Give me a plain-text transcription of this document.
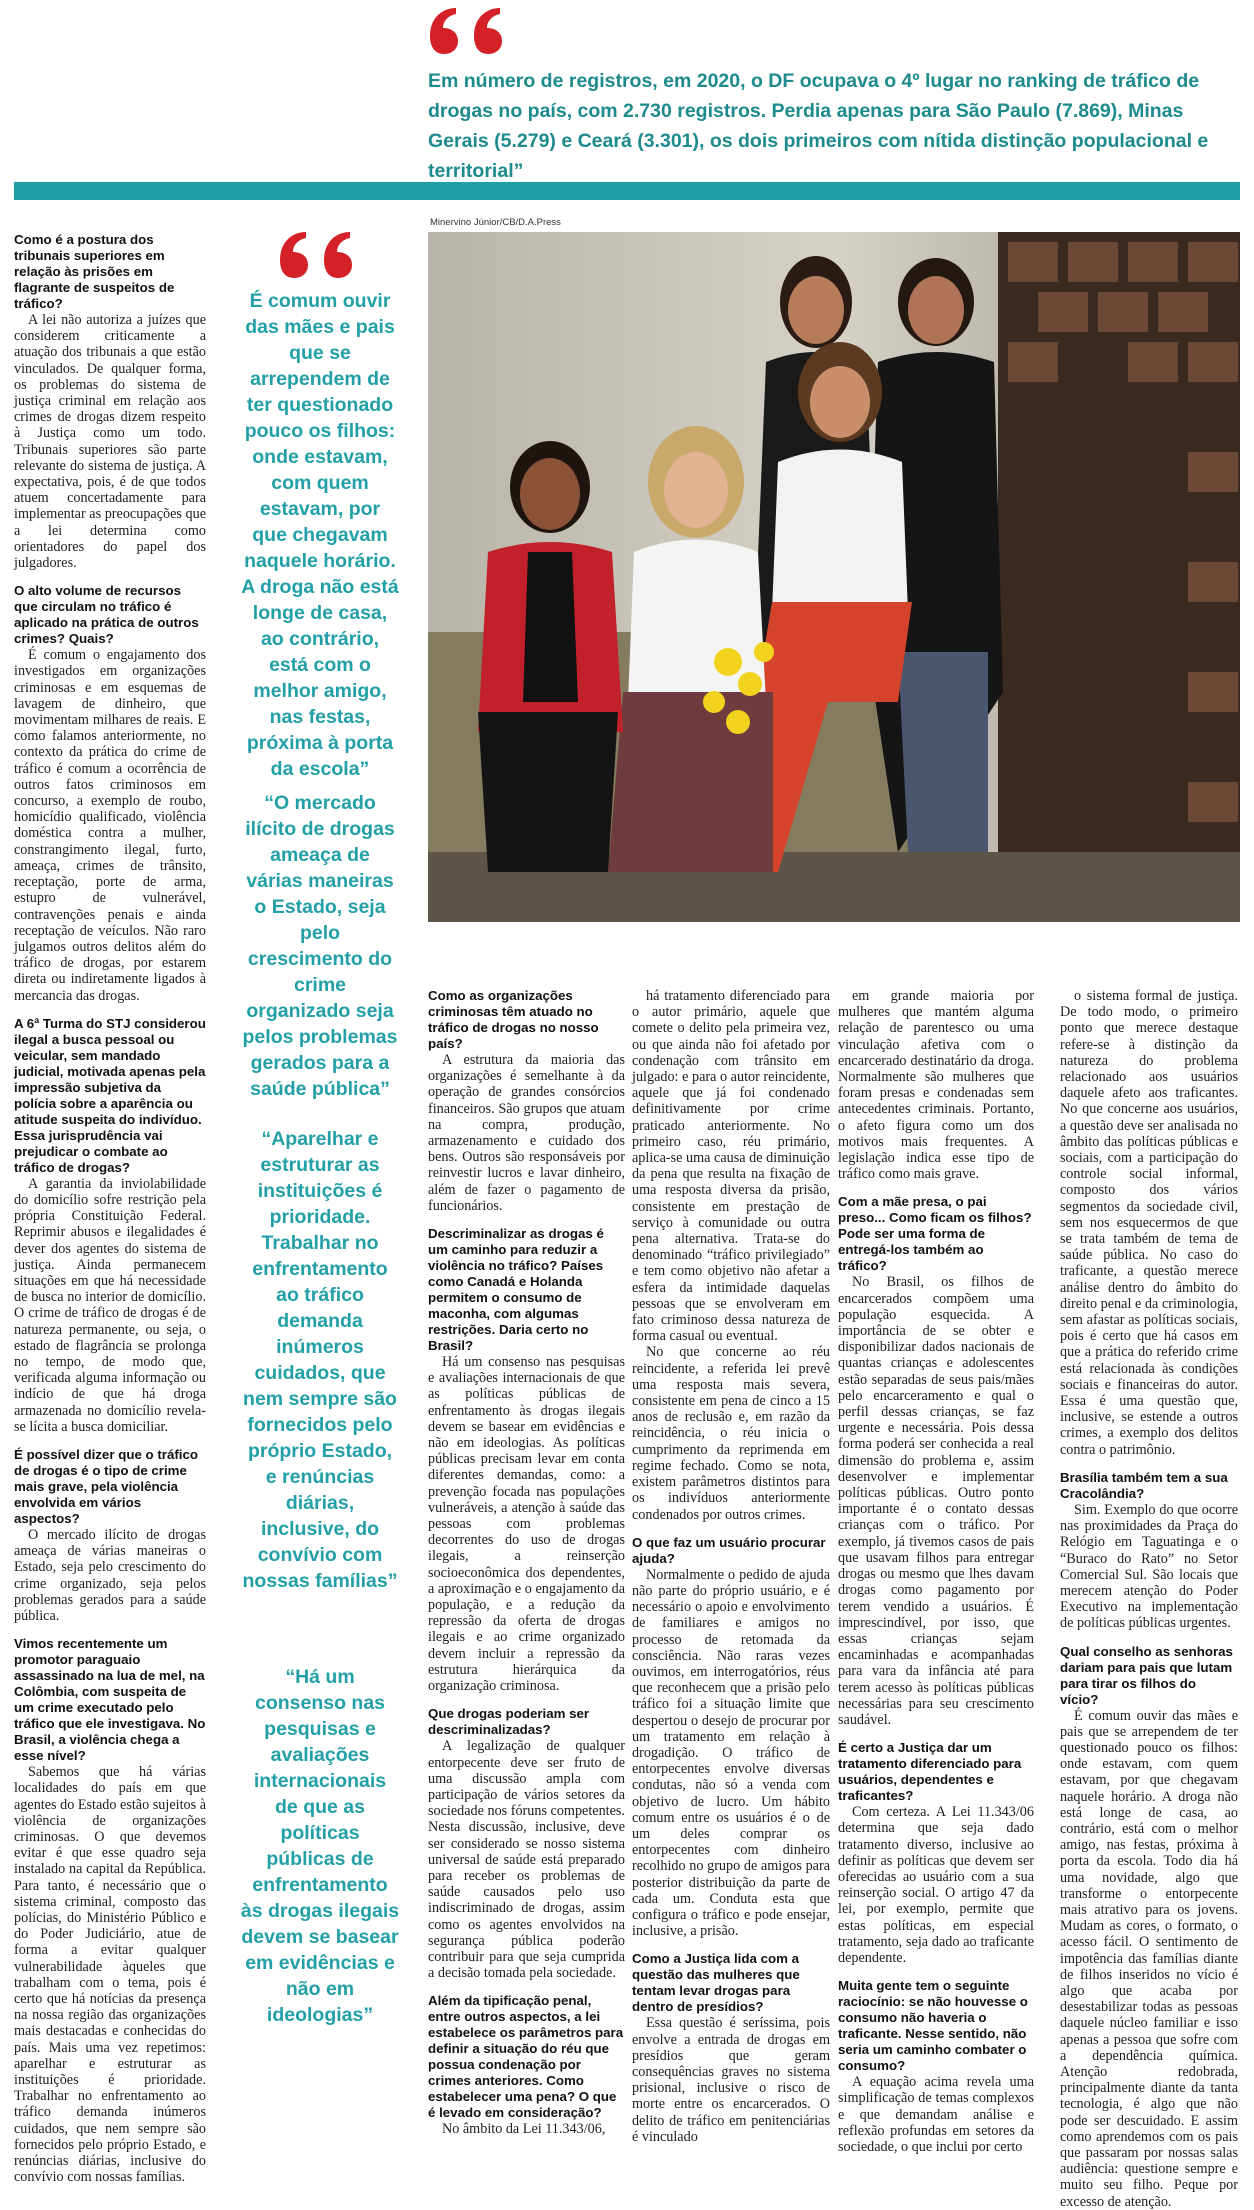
Em número de registros, em 2020, o DF ocupava o 4º lugar no ranking de tráfico de drogas no país, com 2.730 registros. Perdia apenas para São Paulo (7.869), Minas Gerais (5.279) e Ceará (3.301), os dois primeiros com nítida distinção populacional e territorial”
Minervino Júnior/CB/D.A.Press
Como é a postura dos tribunais superiores em relação às prisões em flagrante de suspeitos de tráfico?

A lei não autoriza a juízes que considerem criticamente a atuação dos tribunais a que estão vinculados. De qualquer forma, os problemas do sistema de justiça criminal em relação aos crimes de drogas dizem respeito à Justiça como um todo. Tribunais superiores são parte relevante do sistema de justiça. A expectativa, pois, é de que todos atuem concertadamente para implementar as preocupações que a lei determina como orientadores do papel dos julgadores.

O alto volume de recursos que circulam no tráfico é aplicado na prática de outros crimes? Quais?

É comum o engajamento dos investigados em organizações criminosas e em esquemas de lavagem de dinheiro, que movimentam milhares de reais. E como falamos anteriormente, no contexto da prática do crime de tráfico é comum a ocorrência de outros fatos criminosos em concurso, a exemplo de roubo, homicídio qualificado, violência doméstica contra a mulher, constrangimento ilegal, furto, ameaça, crimes de trânsito, receptação, porte de arma, estupro de vulnerável, contravenções penais e ainda receptação de veículos. Não raro julgamos outros delitos além do tráfico de drogas, por estarem direta ou indiretamente ligados à mercancia das drogas.

A 6ª Turma do STJ considerou ilegal a busca pessoal ou veicular, sem mandado judicial, motivada apenas pela impressão subjetiva da polícia sobre a aparência ou atitude suspeita do indivíduo. Essa jurisprudência vai prejudicar o combate ao tráfico de drogas?

A garantia da inviolabilidade do domicílio sofre restrição pela própria Constituição Federal. Reprimir abusos e ilegalidades é dever dos agentes do sistema de justiça. Ainda permanecem situações em que há necessidade de busca no interior de domicílio. O crime de tráfico de drogas é de natureza permanente, ou seja, o estado de flagrância se prolonga no tempo, de modo que, verificada alguma informação ou indício de que há droga armazenada no domicílio revela-se lícita a busca domiciliar.

É possível dizer que o tráfico de drogas é o tipo de crime mais grave, pela violência envolvida em vários aspectos?

O mercado ilícito de drogas ameaça de várias maneiras o Estado, seja pelo crescimento do crime organizado, seja pelos problemas gerados para a saúde pública.

Vimos recentemente um promotor paraguaio assassinado na lua de mel, na Colômbia, com suspeita de um crime executado pelo tráfico que ele investigava. No Brasil, a violência chega a esse nível?

Sabemos que há várias localidades do país em que agentes do Estado estão sujeitos à violência de organizações criminosas. O que devemos evitar é que esse quadro seja instalado na capital da República. Para tanto, é necessário que o sistema criminal, composto das polícias, do Ministério Público e do Poder Judiciário, atue de forma a evitar qualquer vulnerabilidade àqueles que trabalham com o tema, pois é certo que há notícias da presença na nossa região das organizações mais destacadas e conhecidas do país. Mais uma vez repetimos: aparelhar e estruturar as instituições é prioridade. Trabalhar no enfrentamento ao tráfico demanda inúmeros cuidados, que nem sempre são fornecidos pelo próprio Estado, e renúncias diárias, inclusive do convívio com nossas famílias.

É comum ouvir das mães e pais que se arrependem de ter questionado pouco os filhos: onde estavam, com quem estavam, por que chegavam naquele horário. A droga não está longe de casa, ao contrário, está com o melhor amigo, nas festas, próxima à porta da escola”
“O mercado ilícito de drogas ameaça de várias maneiras o Estado, seja pelo crescimento do crime organizado seja pelos problemas gerados para a saúde pública”
“Aparelhar e estruturar as instituições é prioridade. Trabalhar no enfrentamento ao tráfico demanda inúmeros cuidados, que nem sempre são fornecidos pelo próprio Estado, e renúncias diárias, inclusive, do convívio com nossas famílias”
“Há um consenso nas pesquisas e avaliações internacionais de que as políticas públicas de enfrentamento às drogas ilegais devem se basear em evidências e não em ideologias”
Como as organizações criminosas têm atuado no tráfico de drogas no nosso país?

A estrutura da maioria das organizações é semelhante à da operação de grandes consórcios financeiros. São grupos que atuam na compra, produção, armazenamento e cuidado dos bens. Outros são responsáveis por reinvestir lucros e lavar dinheiro, além de fazer o pagamento de funcionários.

Descriminalizar as drogas é um caminho para reduzir a violência no tráfico? Países como Canadá e Holanda permitem o consumo de maconha, com algumas restrições. Daria certo no Brasil?

Há um consenso nas pesquisas e avaliações internacionais de que as políticas públicas de enfrentamento às drogas ilegais devem se basear em evidências e não em ideologias. As políticas públicas precisam levar em conta diferentes demandas, como: a prevenção focada nas populações vulneráveis, a atenção à saúde das pessoas com problemas decorrentes do uso de drogas ilegais, a reinserção socioeconômica dos dependentes, a aproximação e o engajamento da população, e a redução da repressão da oferta de drogas ilegais e ao crime organizado devem incluir a repressão da estrutura hierárquica da organização criminosa.

Que drogas poderiam ser descriminalizadas?

A legalização de qualquer entorpecente deve ser fruto de uma discussão ampla com participação de vários setores da sociedade nos fóruns competentes. Nesta discussão, inclusive, deve ser considerado se nosso sistema universal de saúde está preparado para receber os problemas de saúde causados pelo uso indiscriminado de drogas, assim como os agentes envolvidos na segurança pública poderão contribuir para que seja cumprida a decisão tomada pela sociedade.

Além da tipificação penal, entre outros aspectos, a lei estabelece os parâmetros para definir a situação do réu que possua condenação por crimes anteriores. Como estabelecer uma pena? O que é levado em consideração?

No âmbito da Lei 11.343/06,

há tratamento diferenciado para o autor primário, aquele que comete o delito pela primeira vez, ou que ainda não foi afetado por condenação com trânsito em julgado: e para o autor reincidente, aquele que já foi condenado definitivamente por crime praticado anteriormente. No primeiro caso, réu primário, aplica-se uma causa de diminuição da pena que resulta na fixação de uma resposta diversa da prisão, consistente em prestação de serviço à comunidade ou outra pena alternativa. Trata-se do denominado “tráfico privilegiado” e tem como objetivo não afetar a esfera da intimidade daquelas pessoas que se envolveram em fato criminoso dessa natureza de forma casual ou eventual.

No que concerne ao réu reincidente, a referida lei prevê uma resposta mais severa, consistente em pena de cinco a 15 anos de reclusão e, em razão da reincidência, o réu inicia o cumprimento da reprimenda em regime fechado. Como se nota, existem parâmetros distintos para os indivíduos anteriormente condenados por outros crimes.

O que faz um usuário procurar ajuda?

Normalmente o pedido de ajuda não parte do próprio usuário, e é necessário o apoio e envolvimento de familiares e amigos no processo de retomada da consciência. Não raras vezes ouvimos, em interrogatórios, réus que reconhecem que a prisão pelo tráfico foi a situação limite que despertou o desejo de procurar por um tratamento em relação à drogadição. O tráfico de entorpecentes envolve diversas condutas, não só a venda com objetivo de lucro. Um hábito comum entre os usuários é o de um deles comprar os entorpecentes com dinheiro recolhido no grupo de amigos para posterior distribuição da parte de cada um. Conduta esta que configura o tráfico e pode ensejar, inclusive, a prisão.

Como a Justiça lida com a questão das mulheres que tentam levar drogas para dentro de presídios?

Essa questão é seríssima, pois envolve a entrada de drogas em presídios que geram consequências graves no sistema prisional, inclusive o risco de morte entre os encarcerados. O delito de tráfico em penitenciárias é vinculado

em grande maioria por mulheres que mantém alguma relação de parentesco ou uma vinculação afetiva com o encarcerado destinatário da droga. Normalmente são mulheres que foram presas e condenadas sem antecedentes criminais. Portanto, o afeto figura como um dos motivos mais frequentes. A legislação indica esse tipo de tráfico como mais grave.

Com a mãe presa, o pai preso... Como ficam os filhos? Pode ser uma forma de entregá-los também ao tráfico?

No Brasil, os filhos de encarcerados compõem uma população esquecida. A importância de se obter e disponibilizar dados nacionais de quantas crianças e adolescentes estão separadas de seus pais/mães pelo encarceramento e qual o perfil dessas crianças, se faz urgente e necessária. Pois dessa forma poderá ser conhecida a real dimensão do problema e, assim desenvolver e implementar políticas públicas. Outro ponto importante é o contato dessas crianças com o tráfico. Por exemplo, já tivemos casos de pais que usavam filhos para entregar drogas ou mesmo que lhes davam drogas como pagamento por terem vendido a usuários. É imprescindível, por isso, que essas crianças sejam encaminhadas e acompanhadas para vara da infância até para terem acesso às políticas públicas necessárias para seu crescimento saudável.

É certo a Justiça dar um tratamento diferenciado para usuários, dependentes e traficantes?

Com certeza. A Lei 11.343/06 determina que seja dado tratamento diverso, inclusive ao definir as políticas que devem ser oferecidas ao usuário com a sua reinserção social. O artigo 47 da lei, por exemplo, permite que estas políticas, em especial tratamento, seja dado ao traficante dependente.

Muita gente tem o seguinte raciocínio: se não houvesse o consumo não haveria o traficante. Nesse sentido, não seria um caminho combater o consumo?

A equação acima revela uma simplificação de temas complexos e que demandam análise e reflexão profundas em setores da sociedade, o que inclui por certo

o sistema formal de justiça. De todo modo, o primeiro ponto que merece destaque refere-se à distinção da natureza do problema relacionado aos usuários daquele afeto aos traficantes. No que concerne aos usuários, a questão deve ser analisada no âmbito das políticas públicas e sociais, com a participação do controle social informal, composto dos vários segmentos da sociedade civil, sem nos esquecermos de que se trata também de tema de saúde pública. No caso do traficante, a questão merece análise dentro do âmbito do direito penal e da criminologia, sem afastar as políticas sociais, pois é certo que há casos em que a prática do referido crime está relacionada às condições sociais e financeiras do autor. Essa é uma questão que, inclusive, se estende a outros crimes, a exemplo dos delitos contra o patrimônio.

Brasília também tem a sua Cracolândia?

Sim. Exemplo do que ocorre nas proximidades da Praça do Relógio em Taguatinga e o “Buraco do Rato” no Setor Comercial Sul. São locais que merecem atenção do Poder Executivo na implementação de políticas públicas urgentes.

Qual conselho as senhoras dariam para pais que lutam para tirar os filhos do vício?

É comum ouvir das mães e pais que se arrependem de ter questionado pouco os filhos: onde estavam, com quem estavam, por que chegavam naquele horário. A droga não está longe de casa, ao contrário, está com o melhor amigo, nas festas, próxima à porta da escola. Todo dia há uma novidade, algo que transforme o entorpecente mais atrativo para os jovens. Mudam as cores, o formato, o acesso fácil. O sentimento de impotência das famílias diante de filhos inseridos no vício é algo que acaba por desestabilizar todas as pessoas daquele núcleo familiar e isso apenas a pessoa que sofre com a dependência química. Atenção redobrada, principalmente diante da tanta tecnologia, é algo que não pode ser descuidado. E assim como aprendemos com os pais que passaram por nossas salas audiência: questione sempre e muito seu filho. Peque por excesso de atenção.
